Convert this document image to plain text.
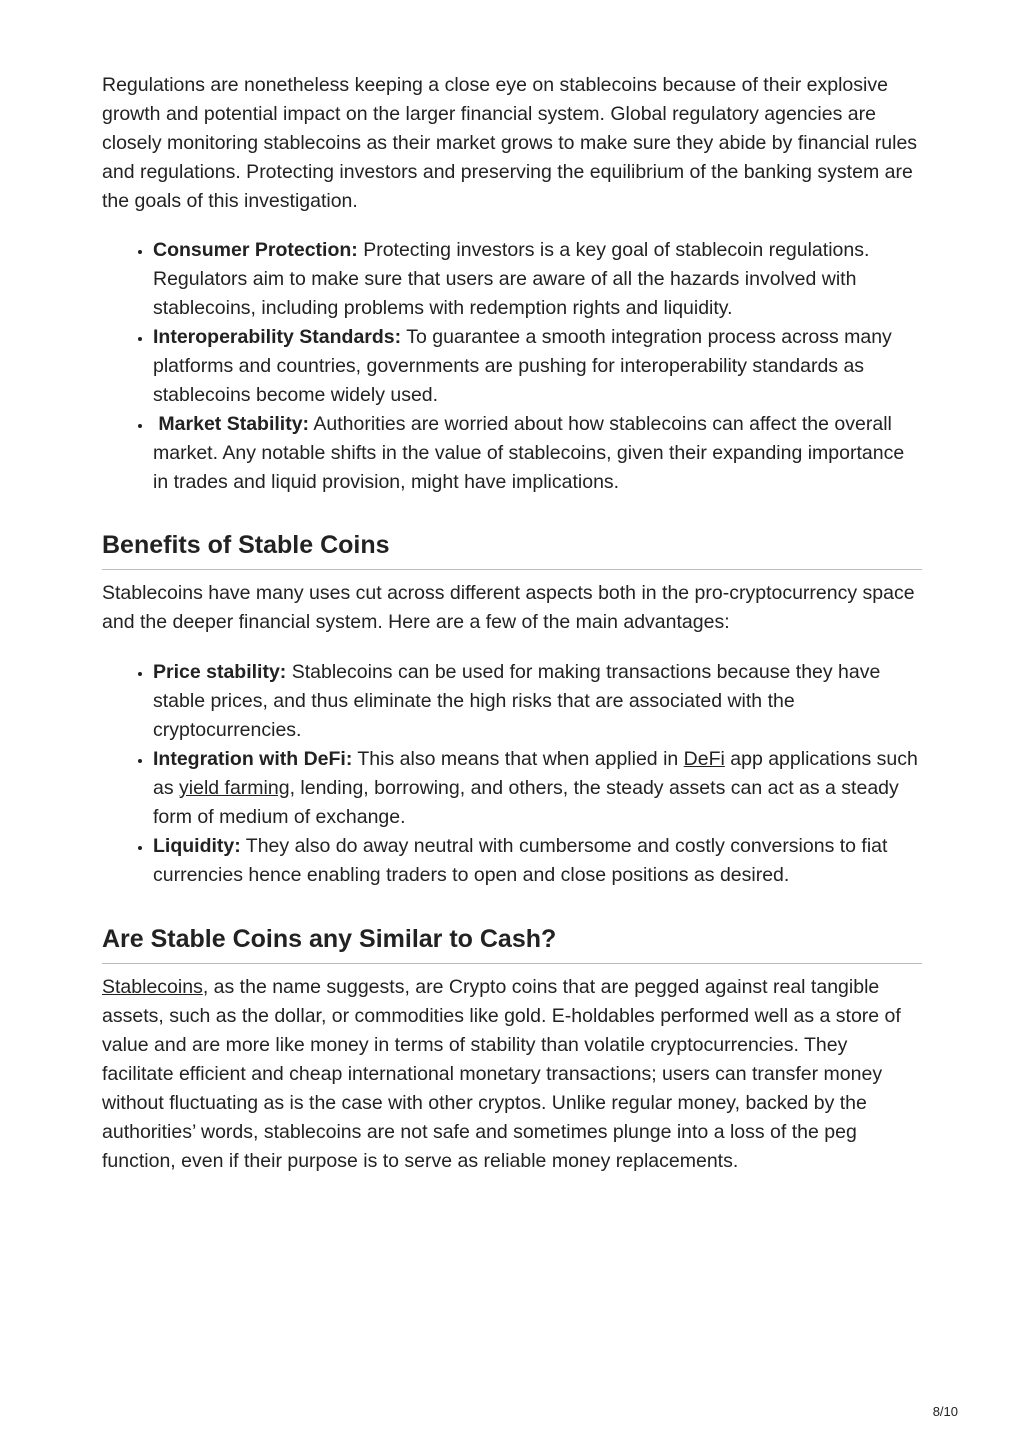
Regulations are nonetheless keeping a close eye on stablecoins because of their explosive growth and potential impact on the larger financial system. Global regulatory agencies are closely monitoring stablecoins as their market grows to make sure they abide by financial rules and regulations. Protecting investors and preserving the equilibrium of the banking system are the goals of this investigation.

• Consumer Protection: Protecting investors is a key goal of stablecoin regulations. Regulators aim to make sure that users are aware of all the hazards involved with stablecoins, including problems with redemption rights and liquidity.
• Interoperability Standards: To guarantee a smooth integration process across many platforms and countries, governments are pushing for interoperability standards as stablecoins become widely used.
•  Market Stability: Authorities are worried about how stablecoins can affect the overall market. Any notable shifts in the value of stablecoins, given their expanding importance in trades and liquid provision, might have implications.
Benefits of Stable Coins

Stablecoins have many uses cut across different aspects both in the pro-cryptocurrency space and the deeper financial system. Here are a few of the main advantages:

• Price stability: Stablecoins can be used for making transactions because they have stable prices, and thus eliminate the high risks that are associated with the cryptocurrencies.
• Integration with DeFi: This also means that when applied in DeFi app applications such as yield farming, lending, borrowing, and others, the steady assets can act as a steady form of medium of exchange.
• Liquidity: They also do away neutral with cumbersome and costly conversions to fiat currencies hence enabling traders to open and close positions as desired.
Are Stable Coins any Similar to Cash?

Stablecoins, as the name suggests, are Crypto coins that are pegged against real tangible assets, such as the dollar, or commodities like gold. E-holdables performed well as a store of value and are more like money in terms of stability than volatile cryptocurrencies. They facilitate efficient and cheap international monetary transactions; users can transfer money without fluctuating as is the case with other cryptos. Unlike regular money, backed by the authorities’ words, stablecoins are not safe and sometimes plunge into a loss of the peg function, even if their purpose is to serve as reliable money replacements.

8/10
